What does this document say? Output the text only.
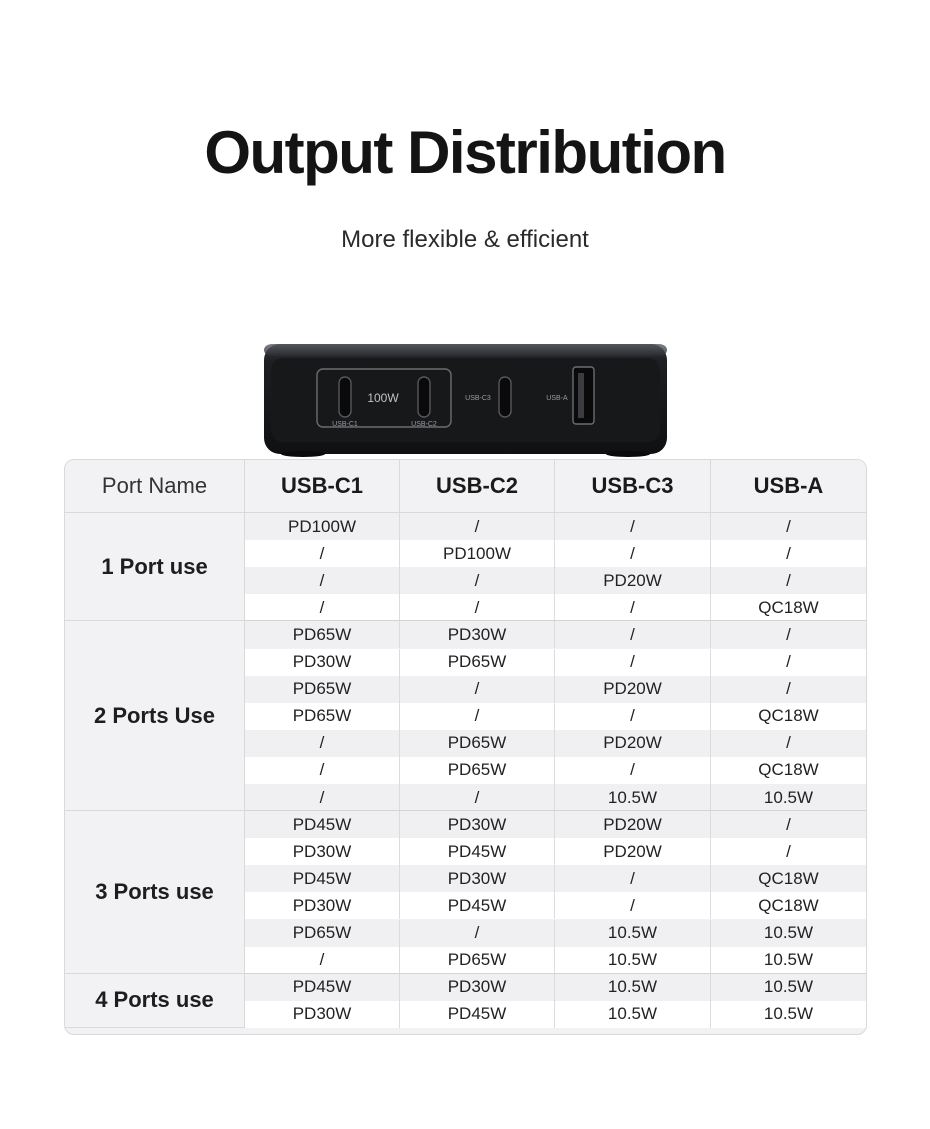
Output Distribution
More flexible & efficient
100W
USB-C1	USB-C2
USB-C3	USB-A
Port Name	USB-C1	USB-C2	USB-C3	USB-A
1 Port use
PD100W	/	/	/
/	PD100W	/	/
/	/	PD20W	/
/	/	/	QC18W
2 Ports Use
PD65W	PD30W	/	/
PD30W	PD65W	/	/
PD65W	/	PD20W	/
PD65W	/	/	QC18W
/	PD65W	PD20W	/
/	PD65W	/	QC18W
/	/	10.5W	10.5W
3 Ports use
PD45W	PD30W	PD20W	/
PD30W	PD45W	PD20W	/
PD45W	PD30W	/	QC18W
PD30W	PD45W	/	QC18W
PD65W	/	10.5W	10.5W
/	PD65W	10.5W	10.5W
4 Ports use
PD45W	PD30W	10.5W	10.5W
PD30W	PD45W	10.5W	10.5W
